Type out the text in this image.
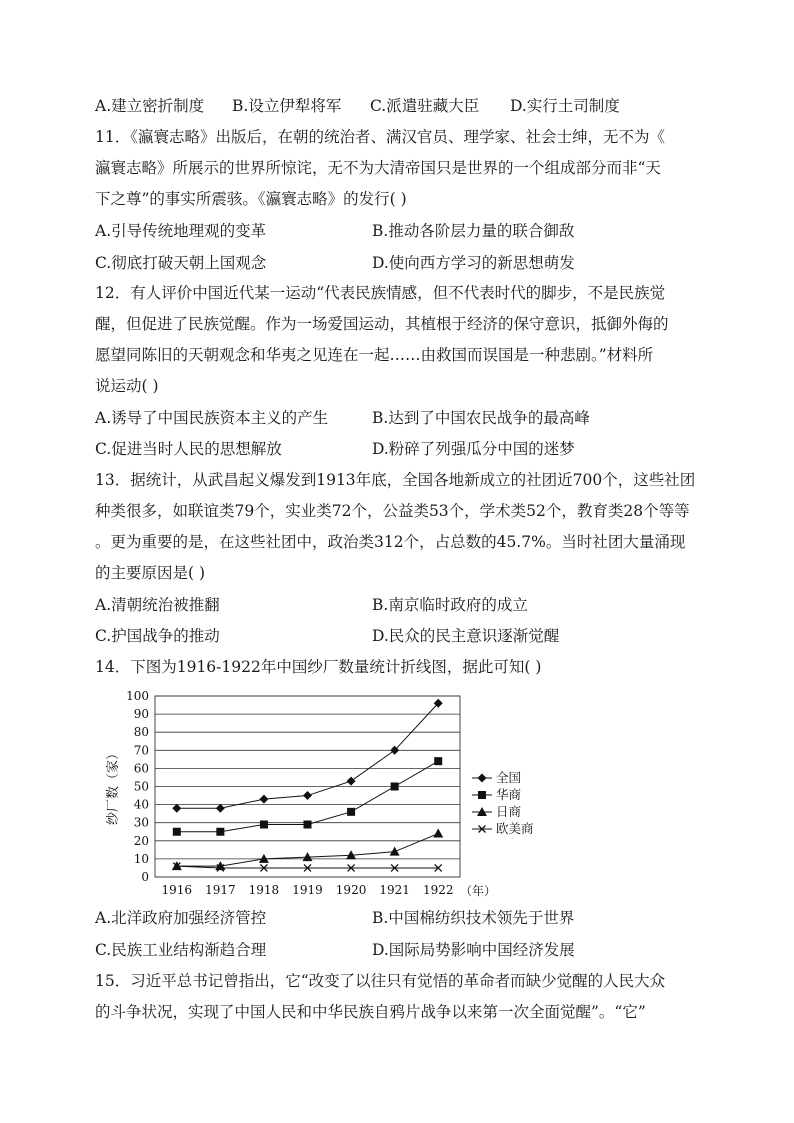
A.建立密折制度 B.设立伊犁将军 C.派遣驻藏大臣 D.实行土司制度
11．《瀛寰志略》出版后，在朝的统治者、满汉官员、理学家、社会士绅，无不为《
瀛寰志略》所展示的世界所惊诧，无不为大清帝国只是世界的一个组成部分而非“天
下之尊”的事实所震骇。《瀛寰志略》的发行( )
A.引导传统地理观的变革	B.推动各阶层力量的联合御敌
C.彻底打破天朝上国观念	D.使向西方学习的新思想萌发
12．有人评价中国近代某一运动“代表民族情感，但不代表时代的脚步，不是民族觉
醒，但促进了民族觉醒。作为一场爱国运动，其植根于经济的保守意识，抵御外侮的
愿望同陈旧的天朝观念和华夷之见连在一起……由救国而误国是一种悲剧。”材料所
说运动( )
A.诱导了中国民族资本主义的产生	B.达到了中国农民战争的最高峰
C.促进当时人民的思想解放	D.粉碎了列强瓜分中国的迷梦
13．据统计，从武昌起义爆发到1913年底，全国各地新成立的社团近700个，这些社团
种类很多，如联谊类79个，实业类72个，公益类53个，学术类52个，教育类28个等等
。更为重要的是，在这些社团中，政治类312个，占总数的45.7%。当时社团大量涌现
的主要原因是( )
A.清朝统治被推翻	B.南京临时政府的成立
C.护国战争的推动	D.民众的民主意识逐渐觉醒
14．下图为1916-1922年中国纱厂数量统计折线图，据此可知( )
0
10
20
30
40
50
60
70
80
90
100
1916 1917 1918 1919 1920 1921 1922
全国
华商
日商
欧美商
纱厂数（家）
（年）
A.北洋政府加强经济管控	B.中国棉纺织技术领先于世界
C.民族工业结构渐趋合理	D.国际局势影响中国经济发展
15．习近平总书记曾指出，它“改变了以往只有觉悟的革命者而缺少觉醒的人民大众
的斗争状况，实现了中国人民和中华民族自鸦片战争以来第一次全面觉醒”。“它”
